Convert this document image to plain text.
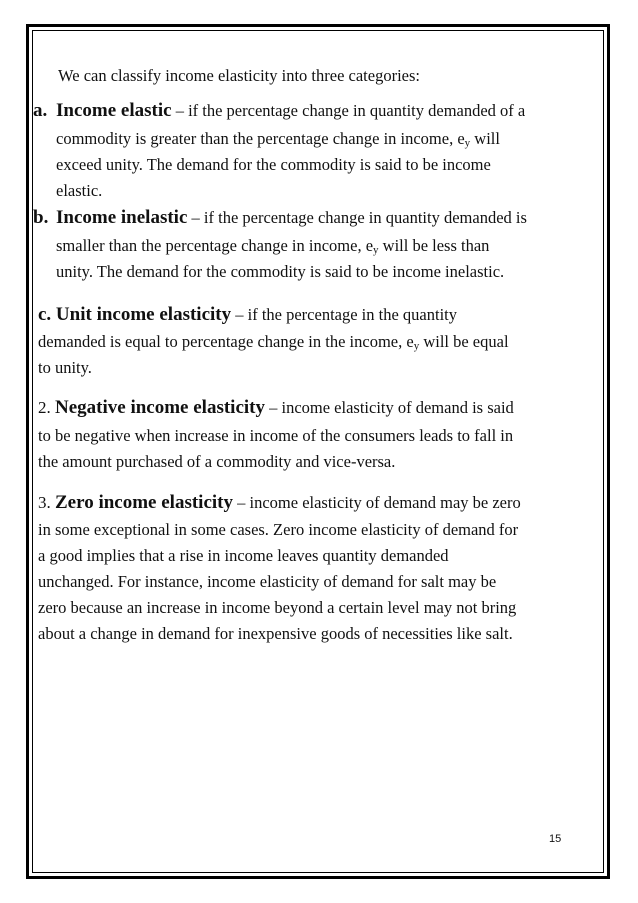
We can classify income elasticity into three categories:
a. Income elastic – if the percentage change in quantity demanded of a
commodity is greater than the percentage change in income, $e_y$ will
exceed unity. The demand for the commodity is said to be income
elastic.
b. Income inelastic – if the percentage change in quantity demanded is
smaller than the percentage change in income, $e_y$ will be less than
unity. The demand for the commodity is said to be income inelastic.
c. Unit income elasticity – if the percentage in the quantity
demanded is equal to percentage change in the income, $e_y$ will be equal
to unity.
2. Negative income elasticity – income elasticity of demand is said
to be negative when increase in income of the consumers leads to fall in
the amount purchased of a commodity and vice-versa.
3. Zero income elasticity – income elasticity of demand may be zero
in some exceptional in some cases. Zero income elasticity of demand for
a good implies that a rise in income leaves quantity demanded
unchanged. For instance, income elasticity of demand for salt may be
zero because an increase in income beyond a certain level may not bring
about a change in demand for inexpensive goods of necessities like salt.
15
